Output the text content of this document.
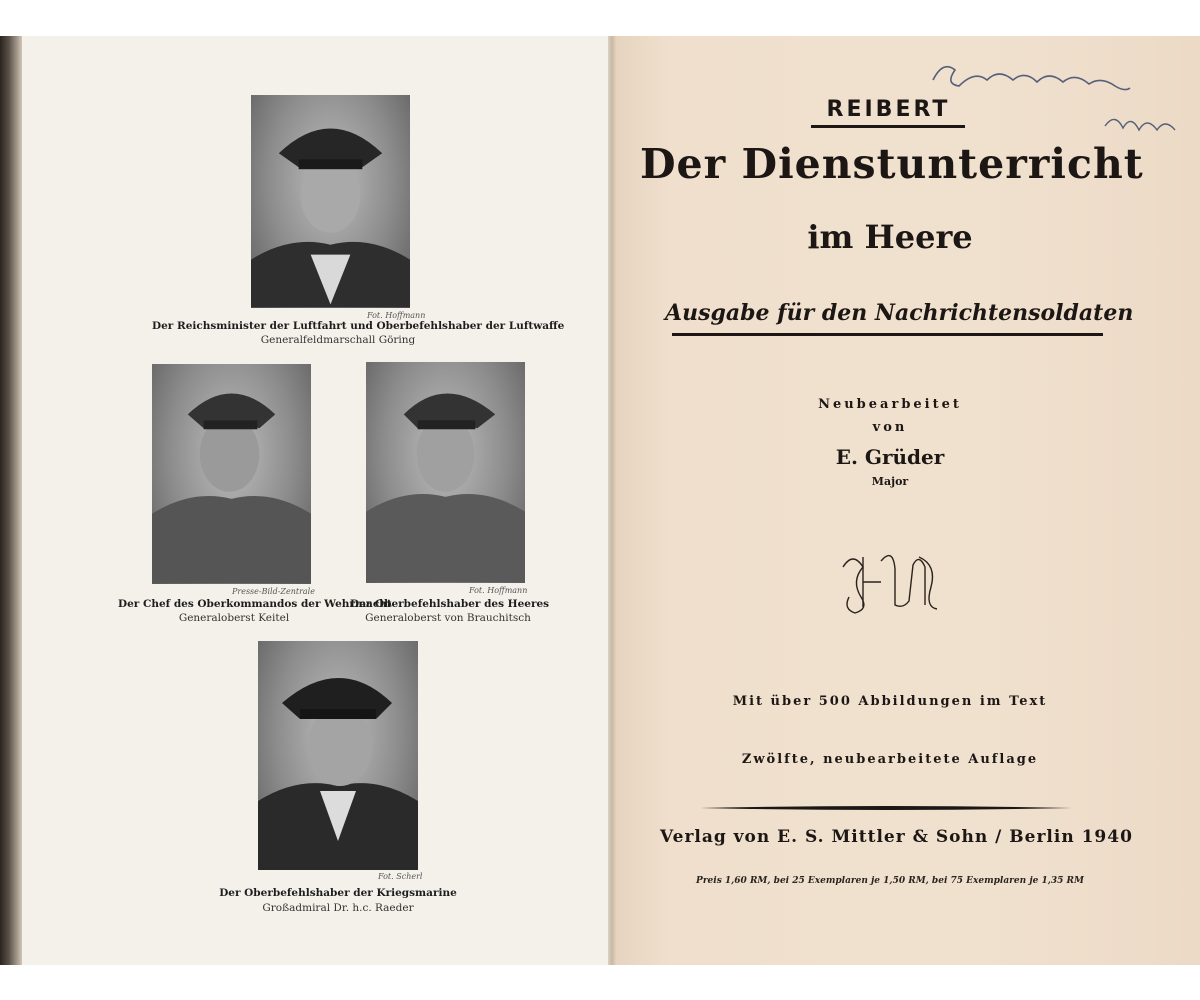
Fot. Hoffmann
Der Reichsminister der Luftfahrt und Oberbefehlshaber der Luftwaffe
Generalfeldmarschall Göring
Presse-Bild-Zentrale
Der Chef des Oberkommandos der Wehrmacht
Generaloberst Keitel
Fot. Hoffmann
Der Oberbefehlshaber des Heeres
Generaloberst von Brauchitsch
Fot. Scherl
Der Oberbefehlshaber der Kriegsmarine
Großadmiral Dr. h.c. Raeder
REIBERT
Der Dienstunterricht
im Heere
Ausgabe für den Nachrichtensoldaten
Neubearbeitet
von
E. Grüder
Major
Mit über 500 Abbildungen im Text
Zwölfte, neubearbeitete Auflage
Verlag von E. S. Mittler & Sohn / Berlin 1940
Preis 1,60 RM, bei 25 Exemplaren je 1,50 RM, bei 75 Exemplaren je 1,35 RM
